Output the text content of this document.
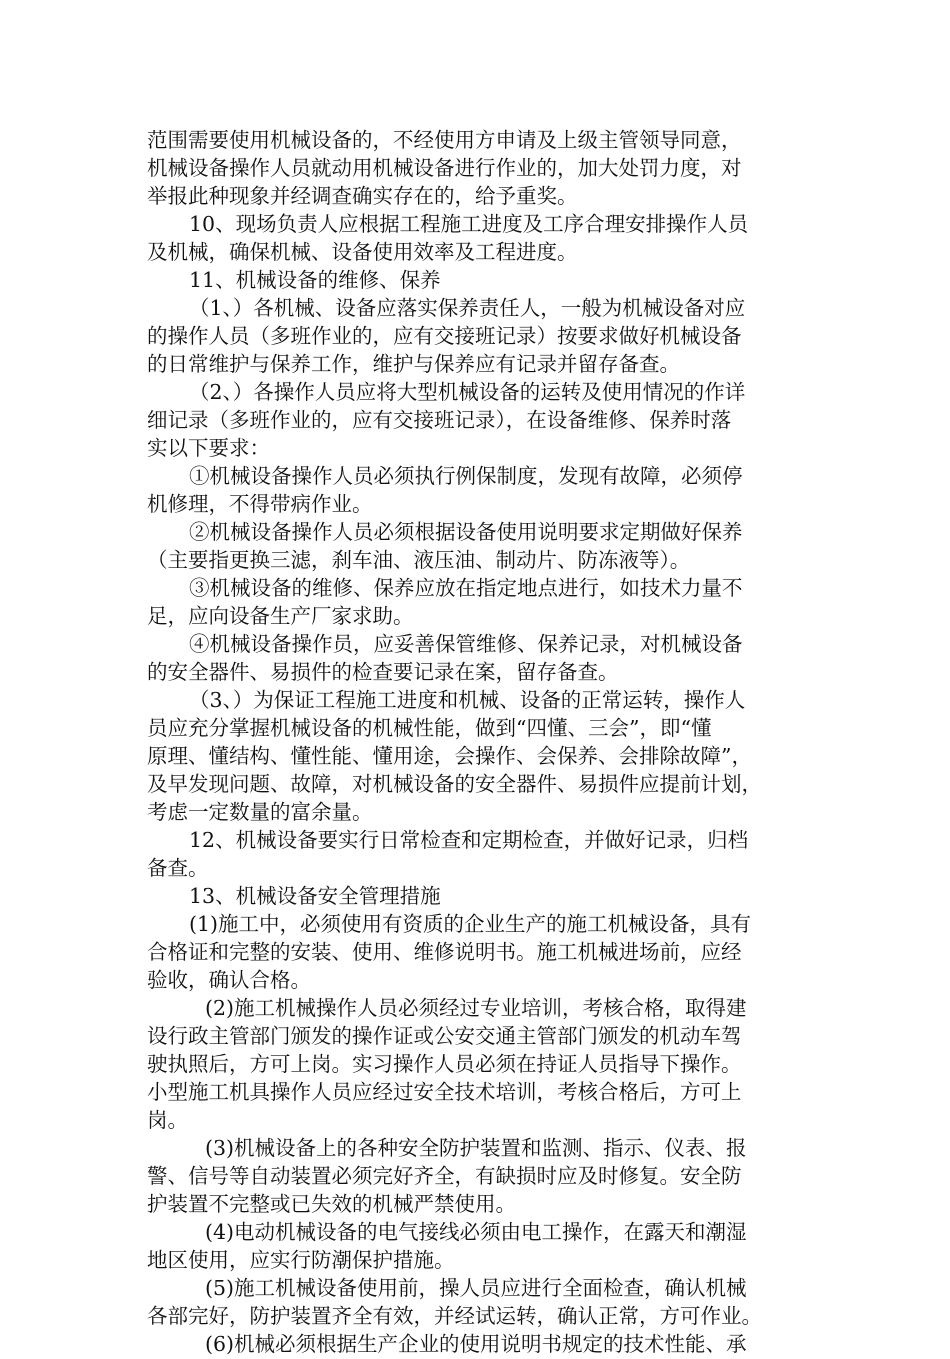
范围需要使用机械设备的，不经使用方申请及上级主管领导同意，
机械设备操作人员就动用机械设备进行作业的，加大处罚力度，对
举报此种现象并经调查确实存在的，给予重奖。
10、现场负责人应根据工程施工进度及工序合理安排操作人员
及机械，确保机械、设备使用效率及工程进度。
11、机械设备的维修、保养
（1、）各机械、设备应落实保养责任人，一般为机械设备对应
的操作人员（多班作业的，应有交接班记录）按要求做好机械设备
的日常维护与保养工作，维护与保养应有记录并留存备查。
（2、）各操作人员应将大型机械设备的运转及使用情况的作详
细记录（多班作业的，应有交接班记录），在设备维修、保养时落
实以下要求：
①机械设备操作人员必须执行例保制度，发现有故障，必须停
机修理，不得带病作业。
②机械设备操作人员必须根据设备使用说明要求定期做好保养
（主要指更换三滤，刹车油、液压油、制动片、防冻液等）。
③机械设备的维修、保养应放在指定地点进行，如技术力量不
足，应向设备生产厂家求助。
④机械设备操作员，应妥善保管维修、保养记录，对机械设备
的安全器件、易损件的检查要记录在案，留存备查。
（3、）为保证工程施工进度和机械、设备的正常运转，操作人
员应充分掌握机械设备的机械性能，做到“四懂、三会”，即“懂
原理、懂结构、懂性能、懂用途，会操作、会保养、会排除故障”，
及早发现问题、故障，对机械设备的安全器件、易损件应提前计划，
考虑一定数量的富余量。
12、机械设备要实行日常检查和定期检查，并做好记录，归档
备查。
13、机械设备安全管理措施
(1)施工中，必须使用有资质的企业生产的施工机械设备，具有
合格证和完整的安装、使用、维修说明书。施工机械进场前，应经
验收，确认合格。
(2)施工机械操作人员必须经过专业培训，考核合格，取得建
设行政主管部门颁发的操作证或公安交通主管部门颁发的机动车驾
驶执照后，方可上岗。实习操作人员必须在持证人员指导下操作。
小型施工机具操作人员应经过安全技术培训，考核合格后，方可上
岗。
(3)机械设备上的各种安全防护装置和监测、指示、仪表、报
警、信号等自动装置必须完好齐全，有缺损时应及时修复。安全防
护装置不完整或已失效的机械严禁使用。
(4)电动机械设备的电气接线必须由电工操作，在露天和潮湿
地区使用，应实行防潮保护措施。
(5)施工机械设备使用前，操人员应进行全面检查，确认机械
各部完好，防护装置齐全有效，并经试运转，确认正常，方可作业。
(6)机械必须根据生产企业的使用说明书规定的技术性能、承
